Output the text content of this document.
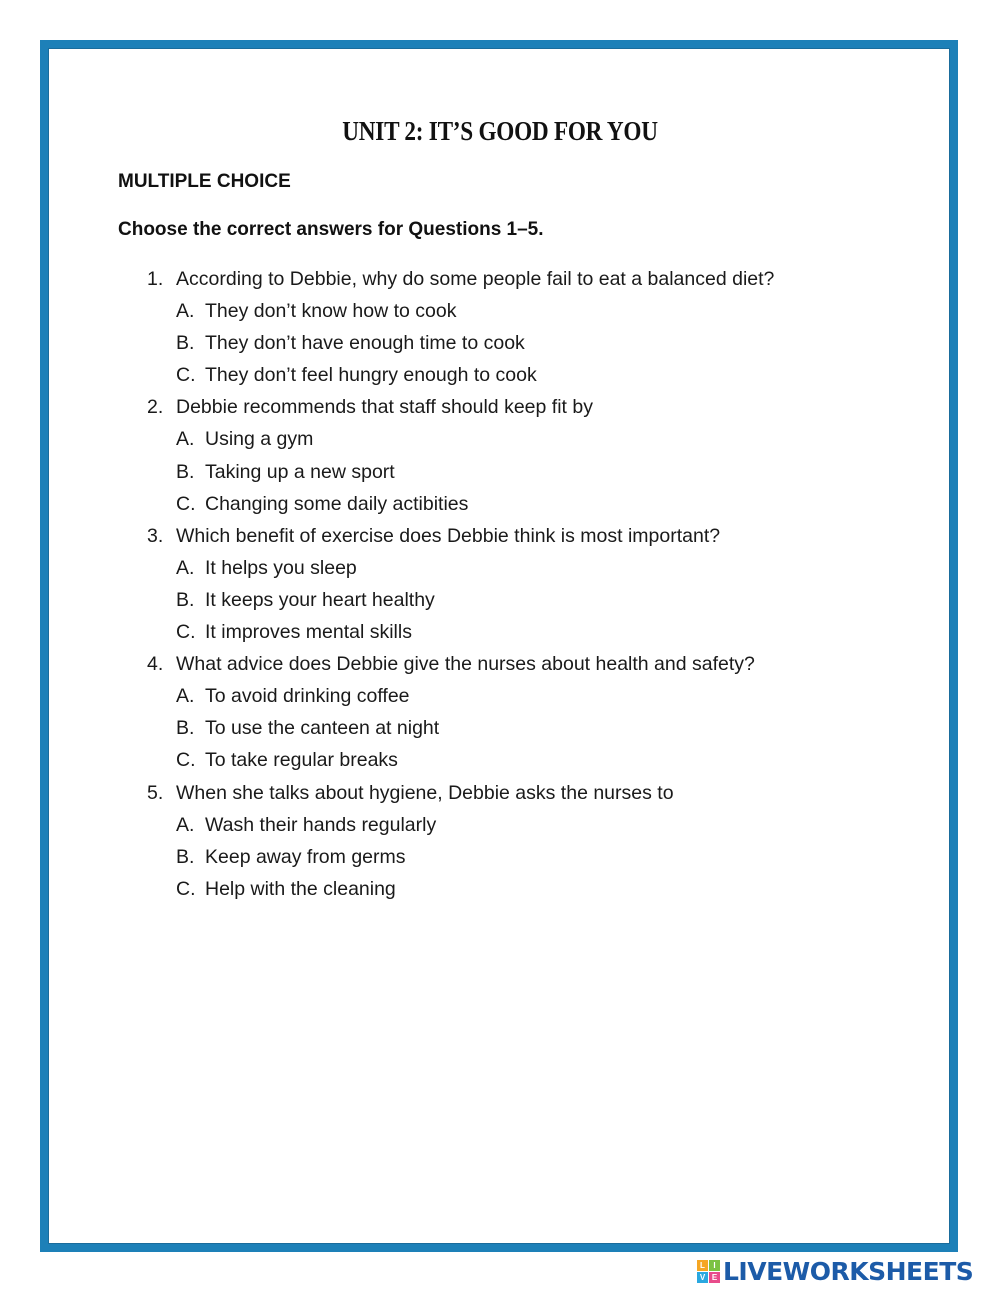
UNIT 2: IT’S GOOD FOR YOU
MULTIPLE CHOICE

Choose the correct answers for Questions 1–5.

1. According to Debbie, why do some people fail to eat a balanced diet?
A. They don’t know how to cook
B. They don’t have enough time to cook
C. They don’t feel hungry enough to cook
2. Debbie recommends that staff should keep fit by
A. Using a gym
B. Taking up a new sport
C. Changing some daily actibities
3. Which benefit of exercise does Debbie think is most important?
A. It helps you sleep
B. It keeps your heart healthy
C. It improves mental skills
4. What advice does Debbie give the nurses about health and safety?
A. To avoid drinking coffee
B. To use the canteen at night
C. To take regular breaks
5. When she talks about hygiene, Debbie asks the nurses to
A. Wash their hands regularly
B. Keep away from germs
C. Help with the cleaning
L	I
V E LIVEWORKSHEETS
